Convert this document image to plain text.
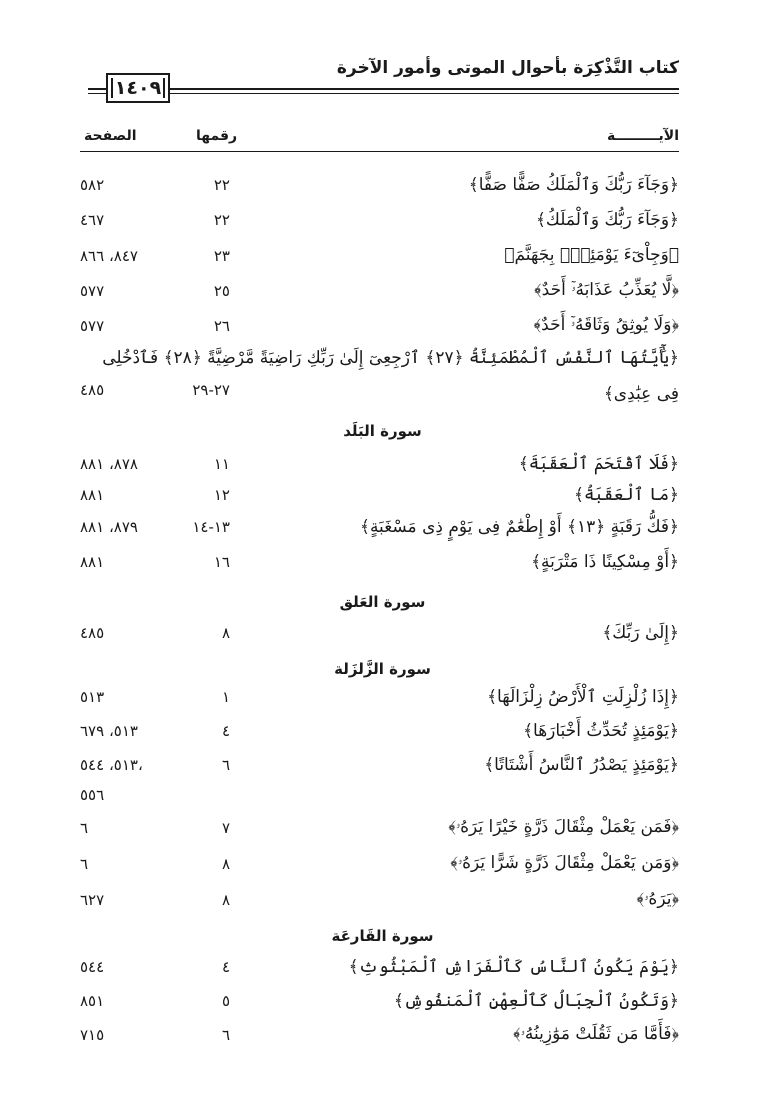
كتاب التَّذْكِرَة بأحوال الموتى وأمور الآخرة
١٤٠٩
الآيـــــــــة
رقمها
الصفحة
﴿وَجَآءَ رَبُّكَ وَٱلْمَلَكُ صَفًّا صَفًّا﴾
٢٢
٥٨٢
﴿وَجَآءَ رَبُّكَ وَٱلْمَلَكُ﴾
٢٢
٤٦٧
﴿وَجِاْىٓءَ يَوْمَئِذٍۭ بِجَهَنَّمَ﴾
٢٣
٨٤٧، ٨٦٦
﴿لَّا يُعَذِّبُ عَذَابَهُۥٓ أَحَدٌ﴾
٢٥
٥٧٧
﴿وَلَا يُوثِقُ وَثَاقَهُۥٓ أَحَدٌ﴾
٢٦
٥٧٧
﴿يَٰٓأَيَّتُهَا ٱلنَّفْسُ ٱلْمُطْمَئِنَّةُ ﴿٢٧﴾ ٱرْجِعِىٓ إِلَىٰ رَبِّكِ رَاضِيَةً مَّرْضِيَّةً ﴿٢٨﴾ فَٱدْخُلِى
فِى عِبَٰدِى﴾
٢٧-٢٩
٤٨٥
سورة البَلَد
﴿فَلَا ٱقْتَحَمَ ٱلْعَقَبَةَ﴾
١١
٨٧٨، ٨٨١
﴿مَا ٱلْعَقَبَةُ﴾
١٢
٨٨١
﴿فَكُّ رَقَبَةٍ ﴿١٣﴾ أَوْ إِطْعَٰمٌ فِى يَوْمٍ ذِى مَسْغَبَةٍ﴾
١٣-١٤
٨٧٩، ٨٨١
﴿أَوْ مِسْكِينًا ذَا مَتْرَبَةٍ﴾
١٦
٨٨١
سورة العَلق
﴿إِلَىٰ رَبِّكَ﴾
٨
٤٨٥
سورة الزَّلزَلة
﴿إِذَا زُلْزِلَتِ ٱلْأَرْضُ زِلْزَالَهَا﴾
١
٥١٣
﴿يَوْمَئِذٍ تُحَدِّثُ أَخْبَارَهَا﴾
٤
٥١٣، ٦٧٩
﴿يَوْمَئِذٍ يَصْدُرُ ٱلنَّاسُ أَشْتَاتًا﴾
٦
٥١٣، ٥٤٤،
٥٥٦
﴿فَمَن يَعْمَلْ مِثْقَالَ ذَرَّةٍ خَيْرًا يَرَهُۥ﴾
٧
٦
﴿وَمَن يَعْمَلْ مِثْقَالَ ذَرَّةٍ شَرًّا يَرَهُۥ﴾
٨
٦
﴿يَرَهُۥ﴾
٨
٦٢٧
سورة القَارعَة
﴿يَوْمَ يَكُونُ ٱلنَّاسُ كَٱلْفَرَاشِ ٱلْمَبْثُوثِ﴾
٤
٥٤٤
﴿وَتَكُونُ ٱلْجِبَالُ كَٱلْعِهْنِ ٱلْمَنفُوشِ﴾
٥
٨٥١
﴿فَأَمَّا مَن ثَقُلَتْ مَوَٰزِينُهُۥ﴾
٦
٧١٥
